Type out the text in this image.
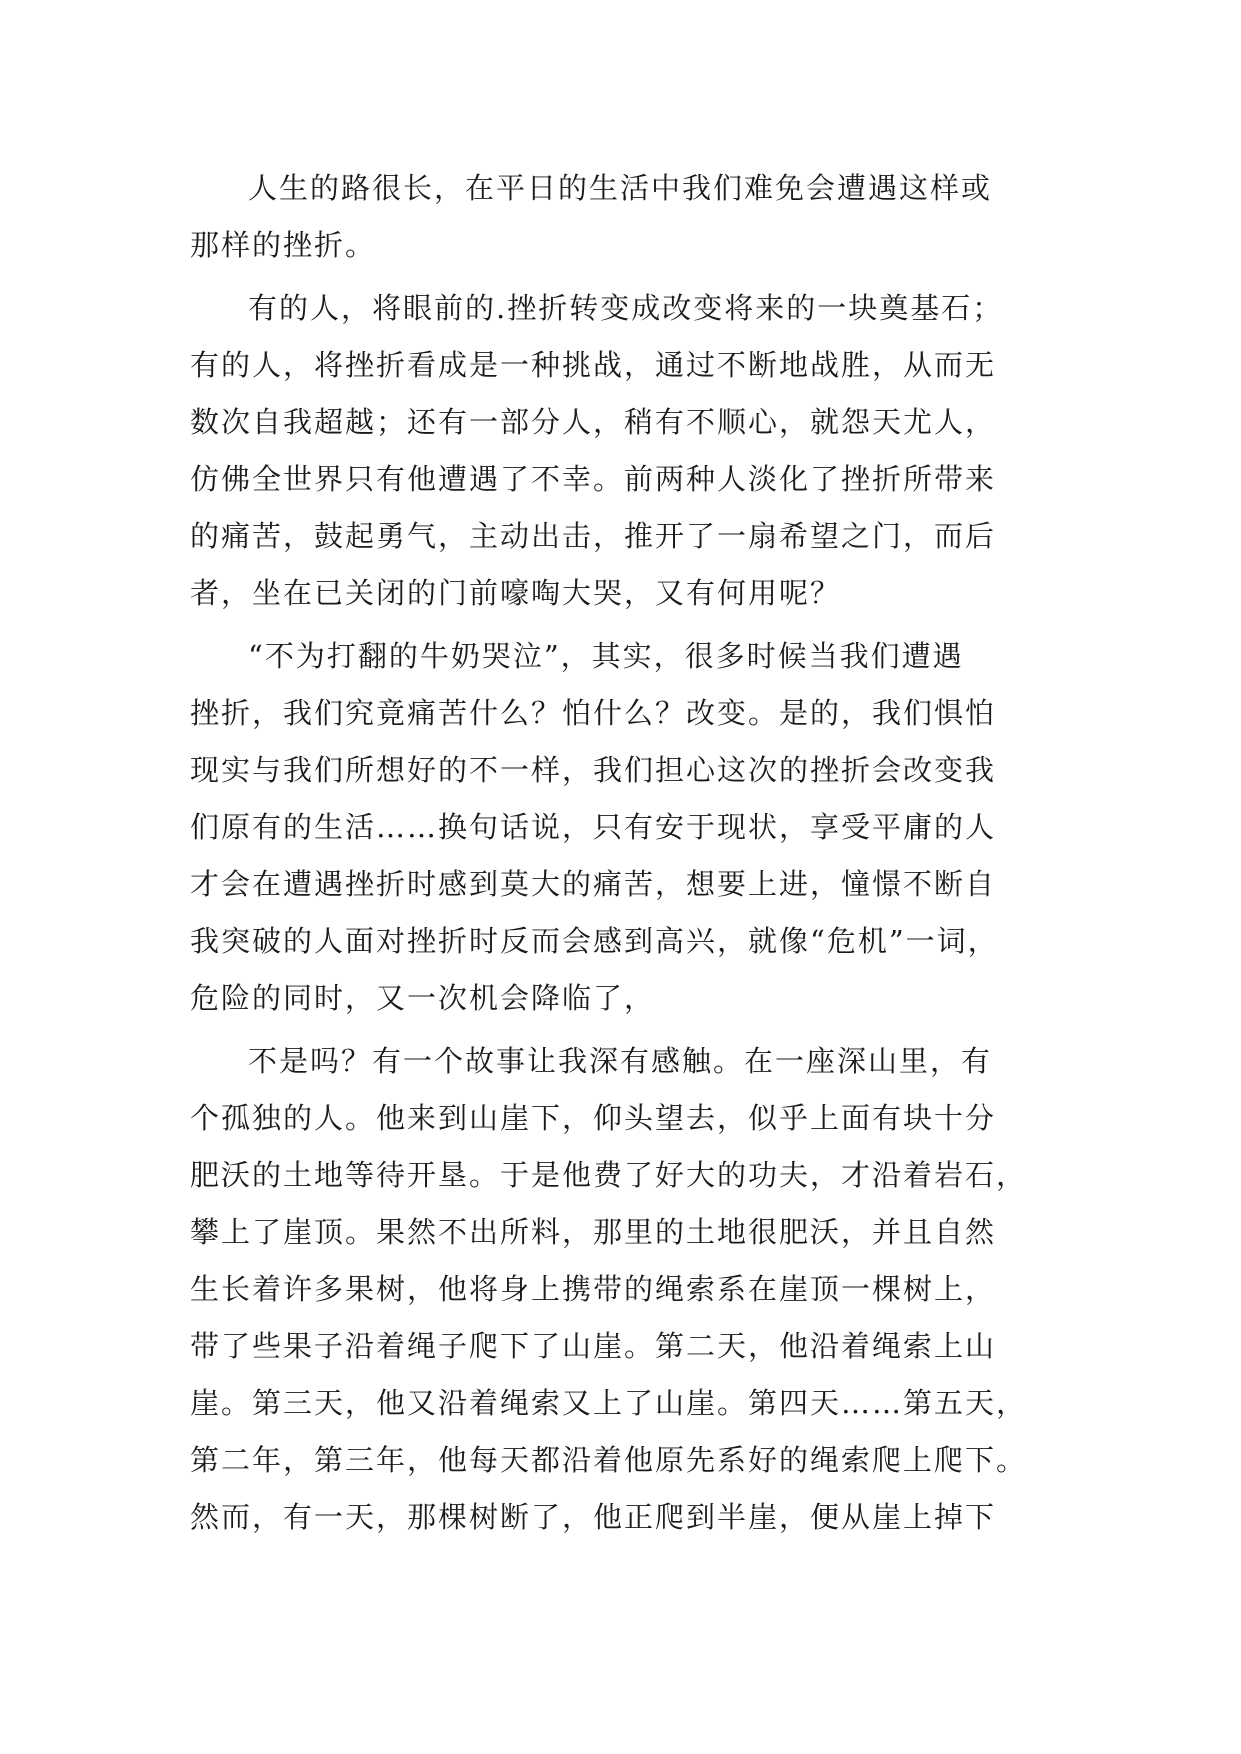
人生的路很长，在平日的生活中我们难免会遭遇这样或
那样的挫折。

有的人，将眼前的.挫折转变成改变将来的一块奠基石；
有的人，将挫折看成是一种挑战，通过不断地战胜，从而无
数次自我超越；还有一部分人，稍有不顺心，就怨天尤人，
仿佛全世界只有他遭遇了不幸。前两种人淡化了挫折所带来
的痛苦，鼓起勇气，主动出击，推开了一扇希望之门，而后
者，坐在已关闭的门前嚎啕大哭，又有何用呢？

“不为打翻的牛奶哭泣”，其实，很多时候当我们遭遇
挫折，我们究竟痛苦什么？怕什么？改变。是的，我们惧怕
现实与我们所想好的不一样，我们担心这次的挫折会改变我
们原有的生活……换句话说，只有安于现状，享受平庸的人
才会在遭遇挫折时感到莫大的痛苦，想要上进，憧憬不断自
我突破的人面对挫折时反而会感到高兴，就像“危机”一词，
危险的同时，又一次机会降临了，

不是吗？有一个故事让我深有感触。在一座深山里，有
个孤独的人。他来到山崖下，仰头望去，似乎上面有块十分
肥沃的土地等待开垦。于是他费了好大的功夫，才沿着岩石，
攀上了崖顶。果然不出所料，那里的土地很肥沃，并且自然
生长着许多果树，他将身上携带的绳索系在崖顶一棵树上，
带了些果子沿着绳子爬下了山崖。第二天，他沿着绳索上山
崖。第三天，他又沿着绳索又上了山崖。第四天……第五天，
第二年，第三年，他每天都沿着他原先系好的绳索爬上爬下。
然而，有一天，那棵树断了，他正爬到半崖，便从崖上掉下
